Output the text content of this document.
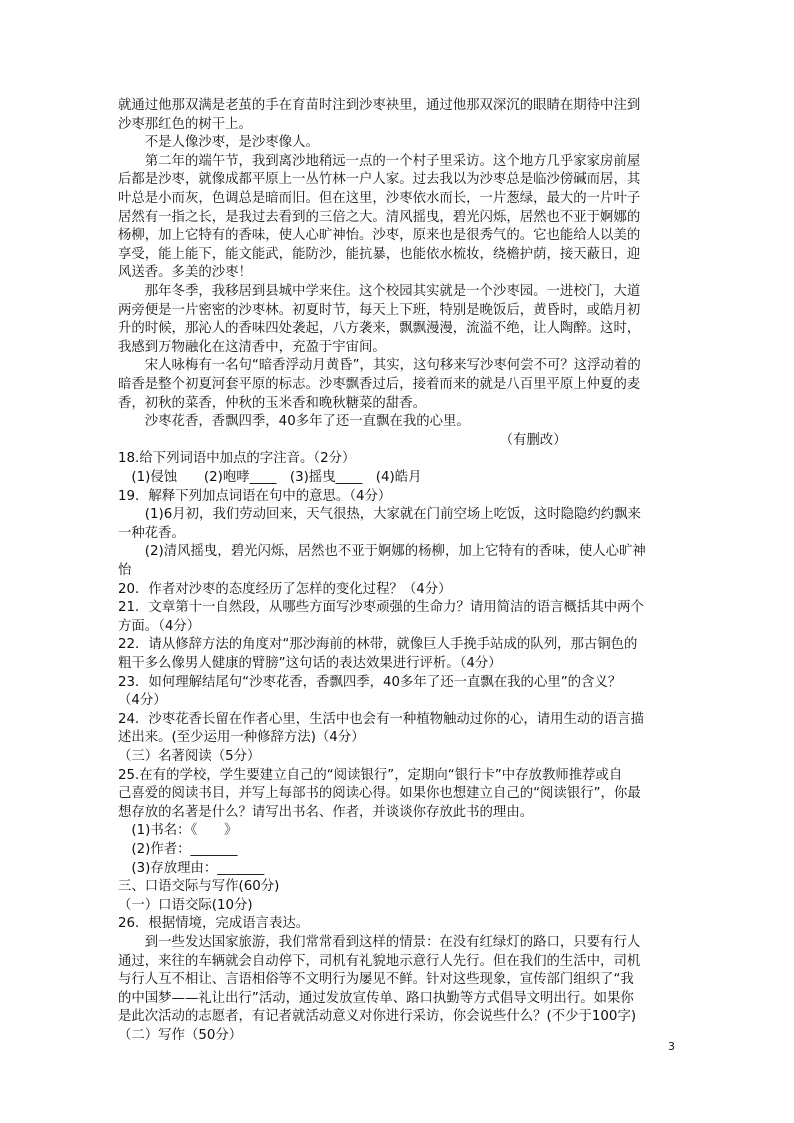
就通过他那双满是老茧的手在育苗时注到沙枣袂里，通过他那双深沉的眼睛在期待中注到
沙枣那红色的树干上。
　　不是人像沙枣，是沙枣像人。
　　第二年的端午节，我到离沙地稍远一点的一个村子里采访。这个地方几乎家家房前屋
后都是沙枣，就像成都平原上一丛竹林一户人家。过去我以为沙枣总是临沙傍碱而居，其
叶总是小而灰，色调总是暗而旧。但在这里，沙枣依水而长，一片葱绿，最大的一片叶子
居然有一指之长，是我过去看到的三倍之大。清风摇曳，碧光闪烁，居然也不亚于婀娜的
杨柳，加上它特有的香味，使人心旷神怡。沙枣，原来也是很秀气的。它也能给人以美的
享受，能上能下，能文能武，能防沙，能抗暴，也能依水梳妆，绕檐护荫，接天蔽日，迎
风送香。多美的沙枣！
　　那年冬季，我移居到县城中学来住。这个校园其实就是一个沙枣园。一进校门，大道
两旁便是一片密密的沙枣林。初夏时节，每天上下班，特别是晚饭后，黄昏时，或皓月初
升的时候，那沁人的香味四处袭起，八方袭来，飘飘漫漫，流溢不绝，让人陶醉。这时，
我感到万物融化在这清香中，充盈于宇宙间。
　　宋人咏梅有一名句“暗香浮动月黄昏”，其实，这句移来写沙枣何尝不可？这浮动着的
暗香是整个初夏河套平原的标志。沙枣飘香过后，接着而来的就是八百里平原上仲夏的麦
香，初秋的菜香，仲秋的玉米香和晚秋糖菜的甜香。
　　沙枣花香，香飘四季，40多年了还一直飘在我的心里。
　　　　　　　　　　　　　　　　　　　　　　　　　　　　　（有删改）
18.给下列词语中加点的字注音。（2分）
　(1)侵蚀　　(2)咆哮____　(3)摇曳____　(4)皓月
19．解释下列加点词语在句中的意思。（4分）
　　(1)6月初，我们劳动回来，天气很热，大家就在门前空场上吃饭，这时隐隐约约飘来
一种花香。
　　(2)清风摇曳，碧光闪烁，居然也不亚于婀娜的杨柳，加上它特有的香味，使人心旷神
怡
20．作者对沙枣的态度经历了怎样的变化过程？（4分）
21．文章第十一自然段，从哪些方面写沙枣顽强的生命力？请用简洁的语言概括其中两个
方面。（4分）
22．请从修辞方法的角度对“那沙海前的林带，就像巨人手挽手站成的队列，那古铜色的
粗干多么像男人健康的臂膀”这句话的表达效果进行评析。（4分）
23．如何理解结尾句“沙枣花香，香飘四季，40多年了还一直飘在我的心里”的含义？
（4分）
24．沙枣花香长留在作者心里，生活中也会有一种植物触动过你的心，请用生动的语言描
述出来。(至少运用一种修辞方法)（4分）
（三）名著阅读（5分）
25.在有的学校，学生要建立自己的“阅读银行”，定期向“银行卡”中存放教师推荐或自
己喜爱的阅读书目，并写上每部书的阅读心得。如果你也想建立自己的“阅读银行”，你最
想存放的名著是什么？请写出书名、作者，并谈谈你存放此书的理由。
　(1)书名：《　　》
　(2)作者：_______
　(3)存放理由：_______
三、口语交际与写作(60分)
（一）口语交际(10分)
26．根据情境，完成语言表达。
　　到一些发达国家旅游，我们常常看到这样的情景：在没有红绿灯的路口，只要有行人
通过，来往的车辆就会自动停下，司机有礼貌地示意行人先行。但在我们的生活中，司机
与行人互不相让、言语相俗等不文明行为屡见不鲜。针对这些现象，宣传部门组织了“我
的中国梦——礼让出行”活动，通过发放宣传单、路口执勤等方式倡导文明出行。如果你
是此次活动的志愿者，有记者就活动意义对你进行采访，你会说些什么？(不少于100字)
（二）写作（50分）
3
